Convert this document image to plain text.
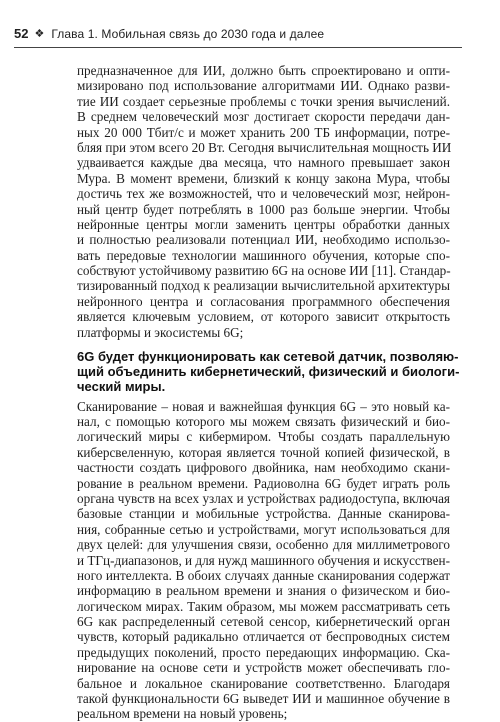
52 ❖ Глава 1. Мобильная связь до 2030 года и далее
предназначенное для ИИ, должно быть спроектировано и опти-
мизировано под использование алгоритмами ИИ. Однако разви-
тие ИИ создает серьезные проблемы с точки зрения вычислений.
В среднем человеческий мозг достигает скорости передачи дан-
ных 20 000 Тбит/с и может хранить 200 ТБ информации, потре-
бляя при этом всего 20 Вт. Сегодня вычислительная мощность ИИ
удваивается каждые два месяца, что намного превышает закон
Мура. В момент времени, близкий к концу закона Мура, чтобы
достичь тех же возможностей, что и человеческий мозг, нейрон-
ный центр будет потреблять в 1000 раз больше энергии. Чтобы
нейронные центры могли заменить центры обработки данных
и полностью реализовали потенциал ИИ, необходимо использо-
вать передовые технологии машинного обучения, которые спо-
собствуют устойчивому развитию 6G на основе ИИ [11]. Стандар-
тизированный подход к реализации вычислительной архитектуры
нейронного центра и согласования программного обеспечения
является ключевым условием, от которого зависит открытость
платформы и экосистемы 6G;
6G будет функционировать как сетевой датчик, позволяю-
щий объединить кибернетический, физический и биологи-
ческий миры.
Сканирование – новая и важнейшая функция 6G – это новый ка-
нал, с помощью которого мы можем связать физический и био-
логический миры с кибермиром. Чтобы создать параллельную
киберсвеленную, которая является точной копией физической, в
частности создать цифрового двойника, нам необходимо скани-
рование в реальном времени. Радиоволна 6G будет играть роль
органа чувств на всех узлах и устройствах радиодоступа, включая
базовые станции и мобильные устройства. Данные сканирова-
ния, собранные сетью и устройствами, могут использоваться для
двух целей: для улучшения связи, особенно для миллиметрового
и ТГц-диапазонов, и для нужд машинного обучения и искусствен-
ного интеллекта. В обоих случаях данные сканирования содержат
информацию в реальном времени и знания о физическом и био-
логическом мирах. Таким образом, мы можем рассматривать сеть
6G как распределенный сетевой сенсор, кибернетический орган
чувств, который радикально отличается от беспроводных систем
предыдущих поколений, просто передающих информацию. Ска-
нирование на основе сети и устройств может обеспечивать гло-
бальное и локальное сканирование соответственно. Благодаря
такой функциональности 6G выведет ИИ и машинное обучение в
реальном времени на новый уровень;
